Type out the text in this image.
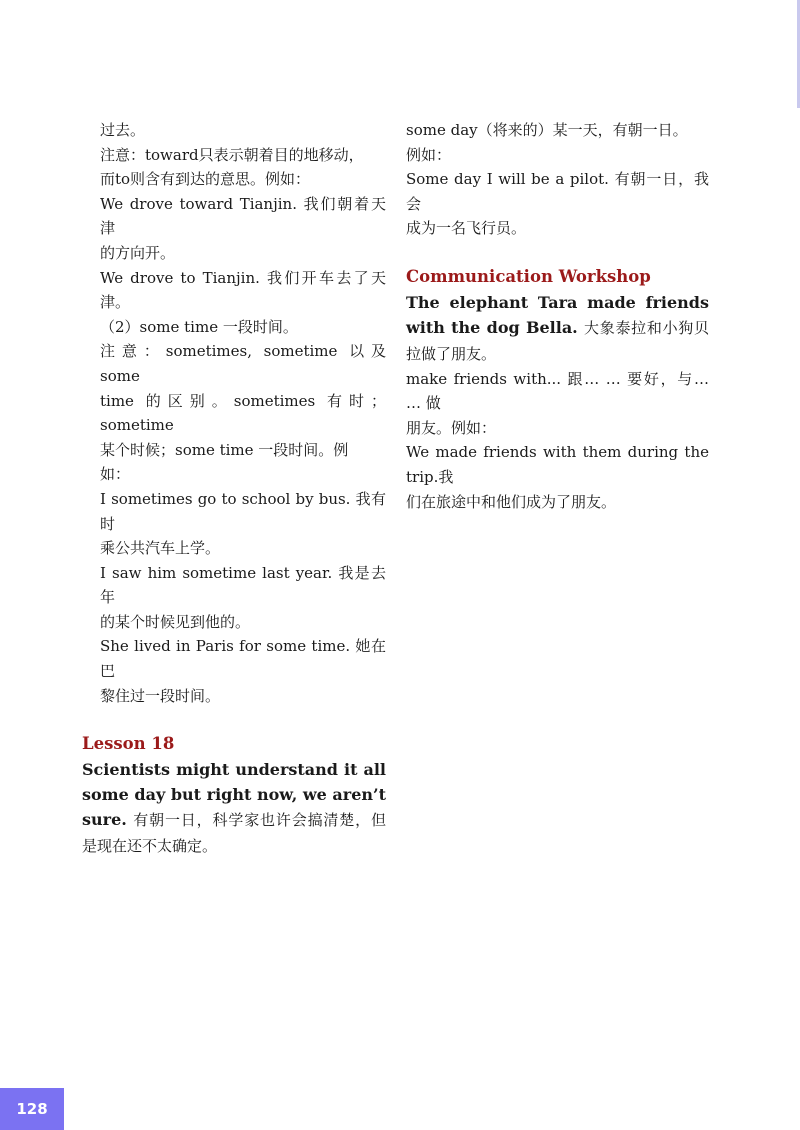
过去。

注意：toward只表示朝着目的地移动，

而to则含有到达的意思。例如：

We drove toward Tianjin. 我们朝着天津

的方向开。

We drove to Tianjin. 我们开车去了天津。

（2）some time 一段时间。

注意：sometimes, sometime 以及 some

time 的区别。sometimes 有时；sometime

某个时候；some time 一段时间。例

如：

I sometimes go to school by bus. 我有时

乘公共汽车上学。

I saw him sometime last year. 我是去年

的某个时候见到他的。

She lived in Paris for some time. 她在巴

黎住过一段时间。

Lesson 18

Scientists might understand it all some day but right now, we aren’t sure. 有朝一日，科学家也许会搞清楚，但是现在还不太确定。

some day（将来的）某一天，有朝一日。

例如：

Some day I will be a pilot. 有朝一日，我会

成为一名飞行员。

Communication Workshop

The elephant Tara made friends with the dog Bella. 大象泰拉和小狗贝拉做了朋友。

make friends with... 跟… … 要好，与… … 做

朋友。例如：

We made friends with them during the trip.我

们在旅途中和他们成为了朋友。

128
